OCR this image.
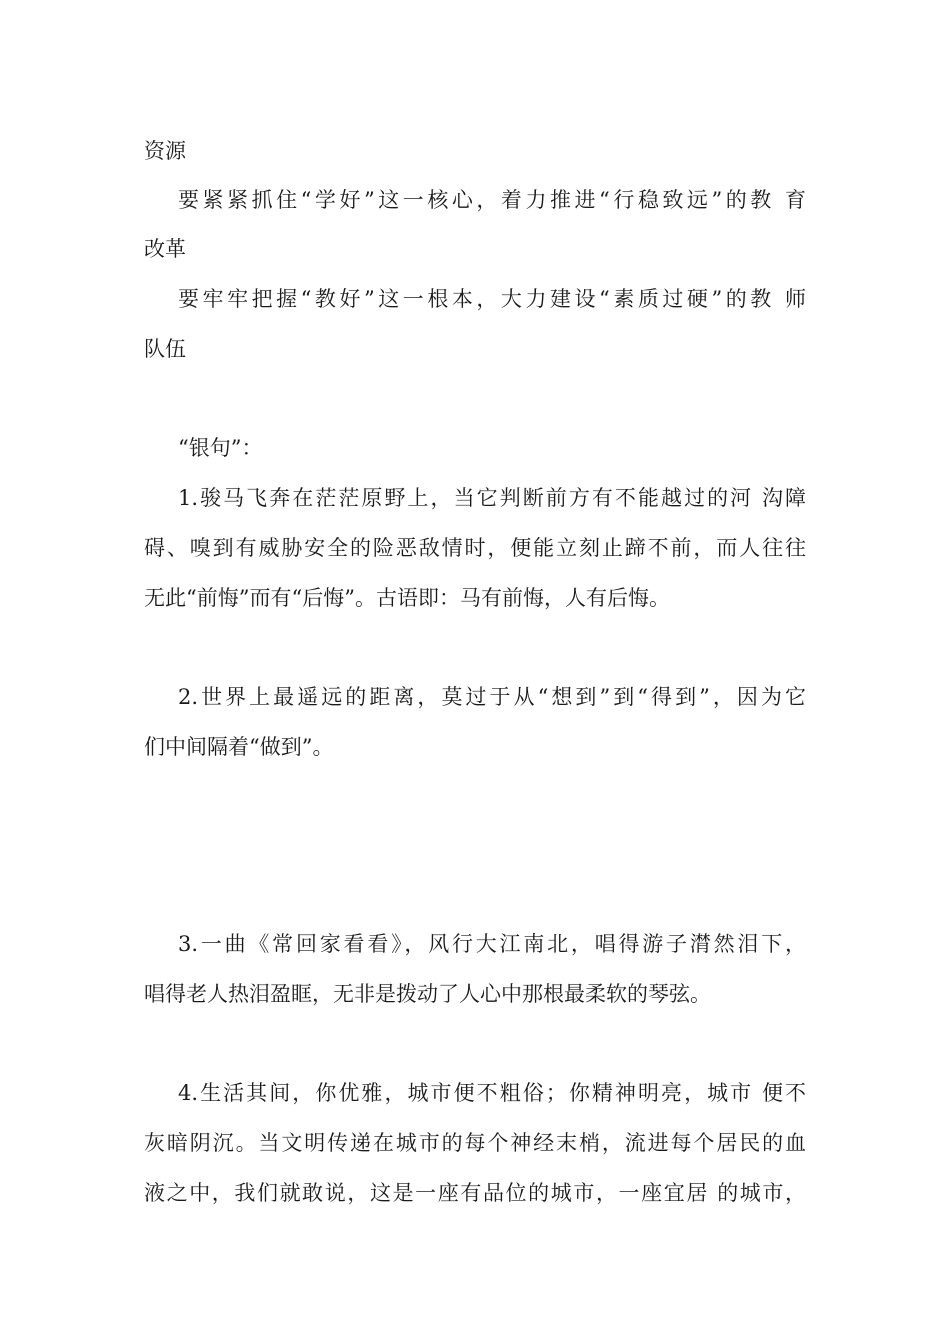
资源
要紧紧抓住“学好”这一核心，着力推进“行稳致远”的教 育
改革
要牢牢把握“教好”这一根本，大力建设“素质过硬”的教 师
队伍
“银句”：
1.骏马飞奔在茫茫原野上，当它判断前方有不能越过的河 沟障
碍、嗅到有威胁安全的险恶敌情时，便能立刻止蹄不前，而人往往
无此“前悔”而有“后悔”。古语即：马有前悔，人有后悔。
2.世界上最遥远的距离，莫过于从“想到”到“得到”，因为它
们中间隔着“做到”。
3.一曲《常回家看看》，风行大江南北，唱得游子潸然泪下，
唱得老人热泪盈眶，无非是拨动了人心中那根最柔软的琴弦。
4.生活其间，你优雅，城市便不粗俗；你精神明亮，城市 便不
灰暗阴沉。当文明传递在城市的每个神经末梢，流进每个居民的血
液之中，我们就敢说，这是一座有品位的城市，一座宜居 的城市，
